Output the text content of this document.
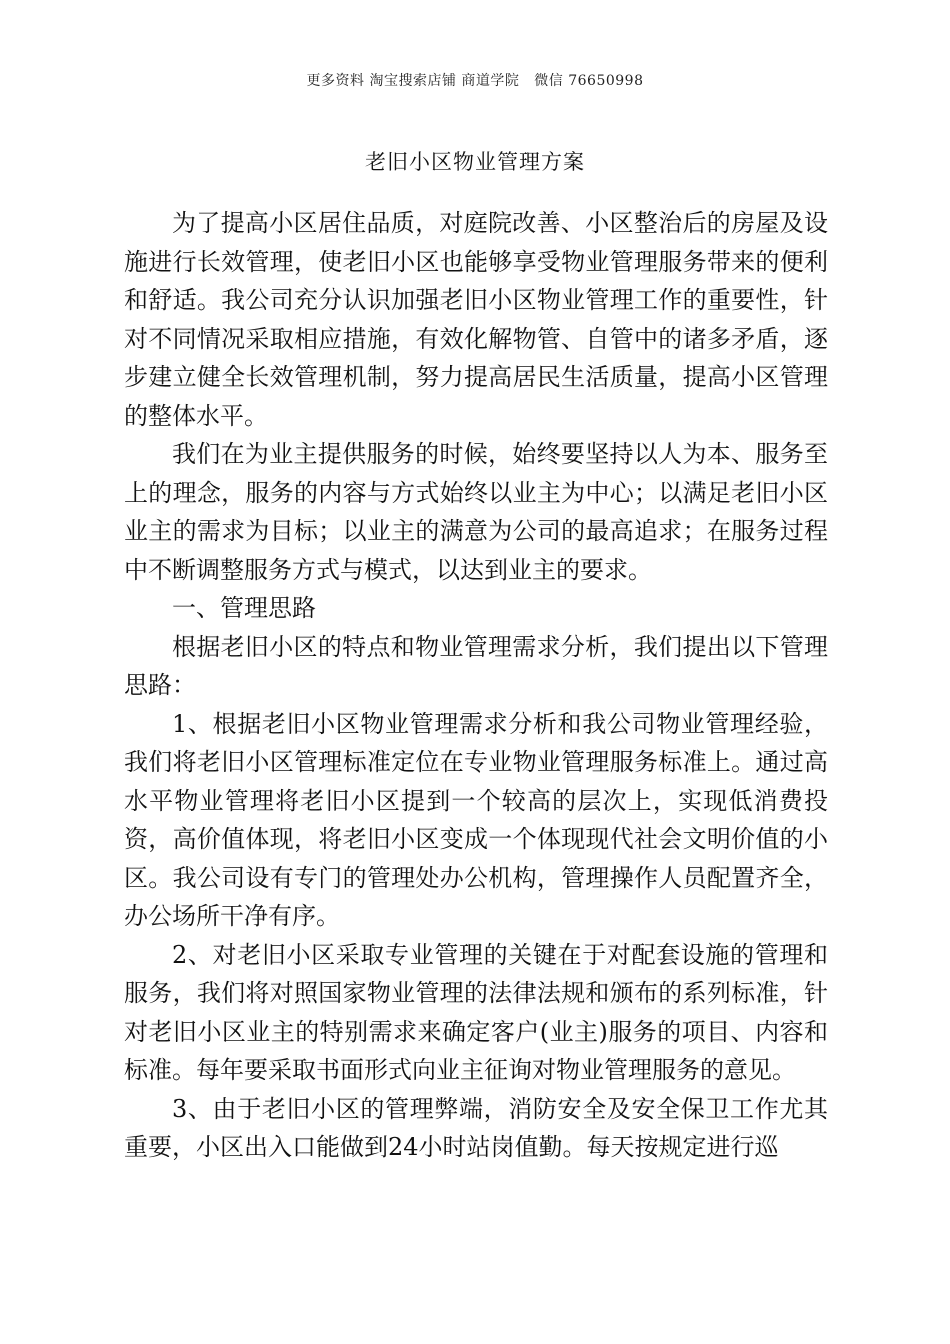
更多资料 淘宝搜索店铺 商道学院   微信 76650998
老旧小区物业管理方案

为了提高小区居住品质，对庭院改善、小区整治后的房屋及设施进行长效管理，使老旧小区也能够享受物业管理服务带来的便利和舒适。我公司充分认识加强老旧小区物业管理工作的重要性，针对不同情况采取相应措施，有效化解物管、自管中的诸多矛盾，逐步建立健全长效管理机制，努力提高居民生活质量，提高小区管理的整体水平。

我们在为业主提供服务的时候，始终要坚持以人为本、服务至上的理念，服务的内容与方式始终以业主为中心；以满足老旧小区业主的需求为目标；以业主的满意为公司的最高追求；在服务过程中不断调整服务方式与模式，以达到业主的要求。

一、管理思路

根据老旧小区的特点和物业管理需求分析，我们提出以下管理思路：

1、根据老旧小区物业管理需求分析和我公司物业管理经验，我们将老旧小区管理标准定位在专业物业管理服务标准上。通过高水平物业管理将老旧小区提到一个较高的层次上，实现低消费投资，高价值体现，将老旧小区变成一个体现现代社会文明价值的小区。我公司设有专门的管理处办公机构，管理操作人员配置齐全，办公场所干净有序。

2、对老旧小区采取专业管理的关键在于对配套设施的管理和服务，我们将对照国家物业管理的法律法规和颁布的系列标准，针对老旧小区业主的特别需求来确定客户(业主)服务的项目、内容和标准。每年要采取书面形式向业主征询对物业管理服务的意见。

3、由于老旧小区的管理弊端，消防安全及安全保卫工作尤其重要，小区出入口能做到24小时站岗值勤。每天按规定进行巡
